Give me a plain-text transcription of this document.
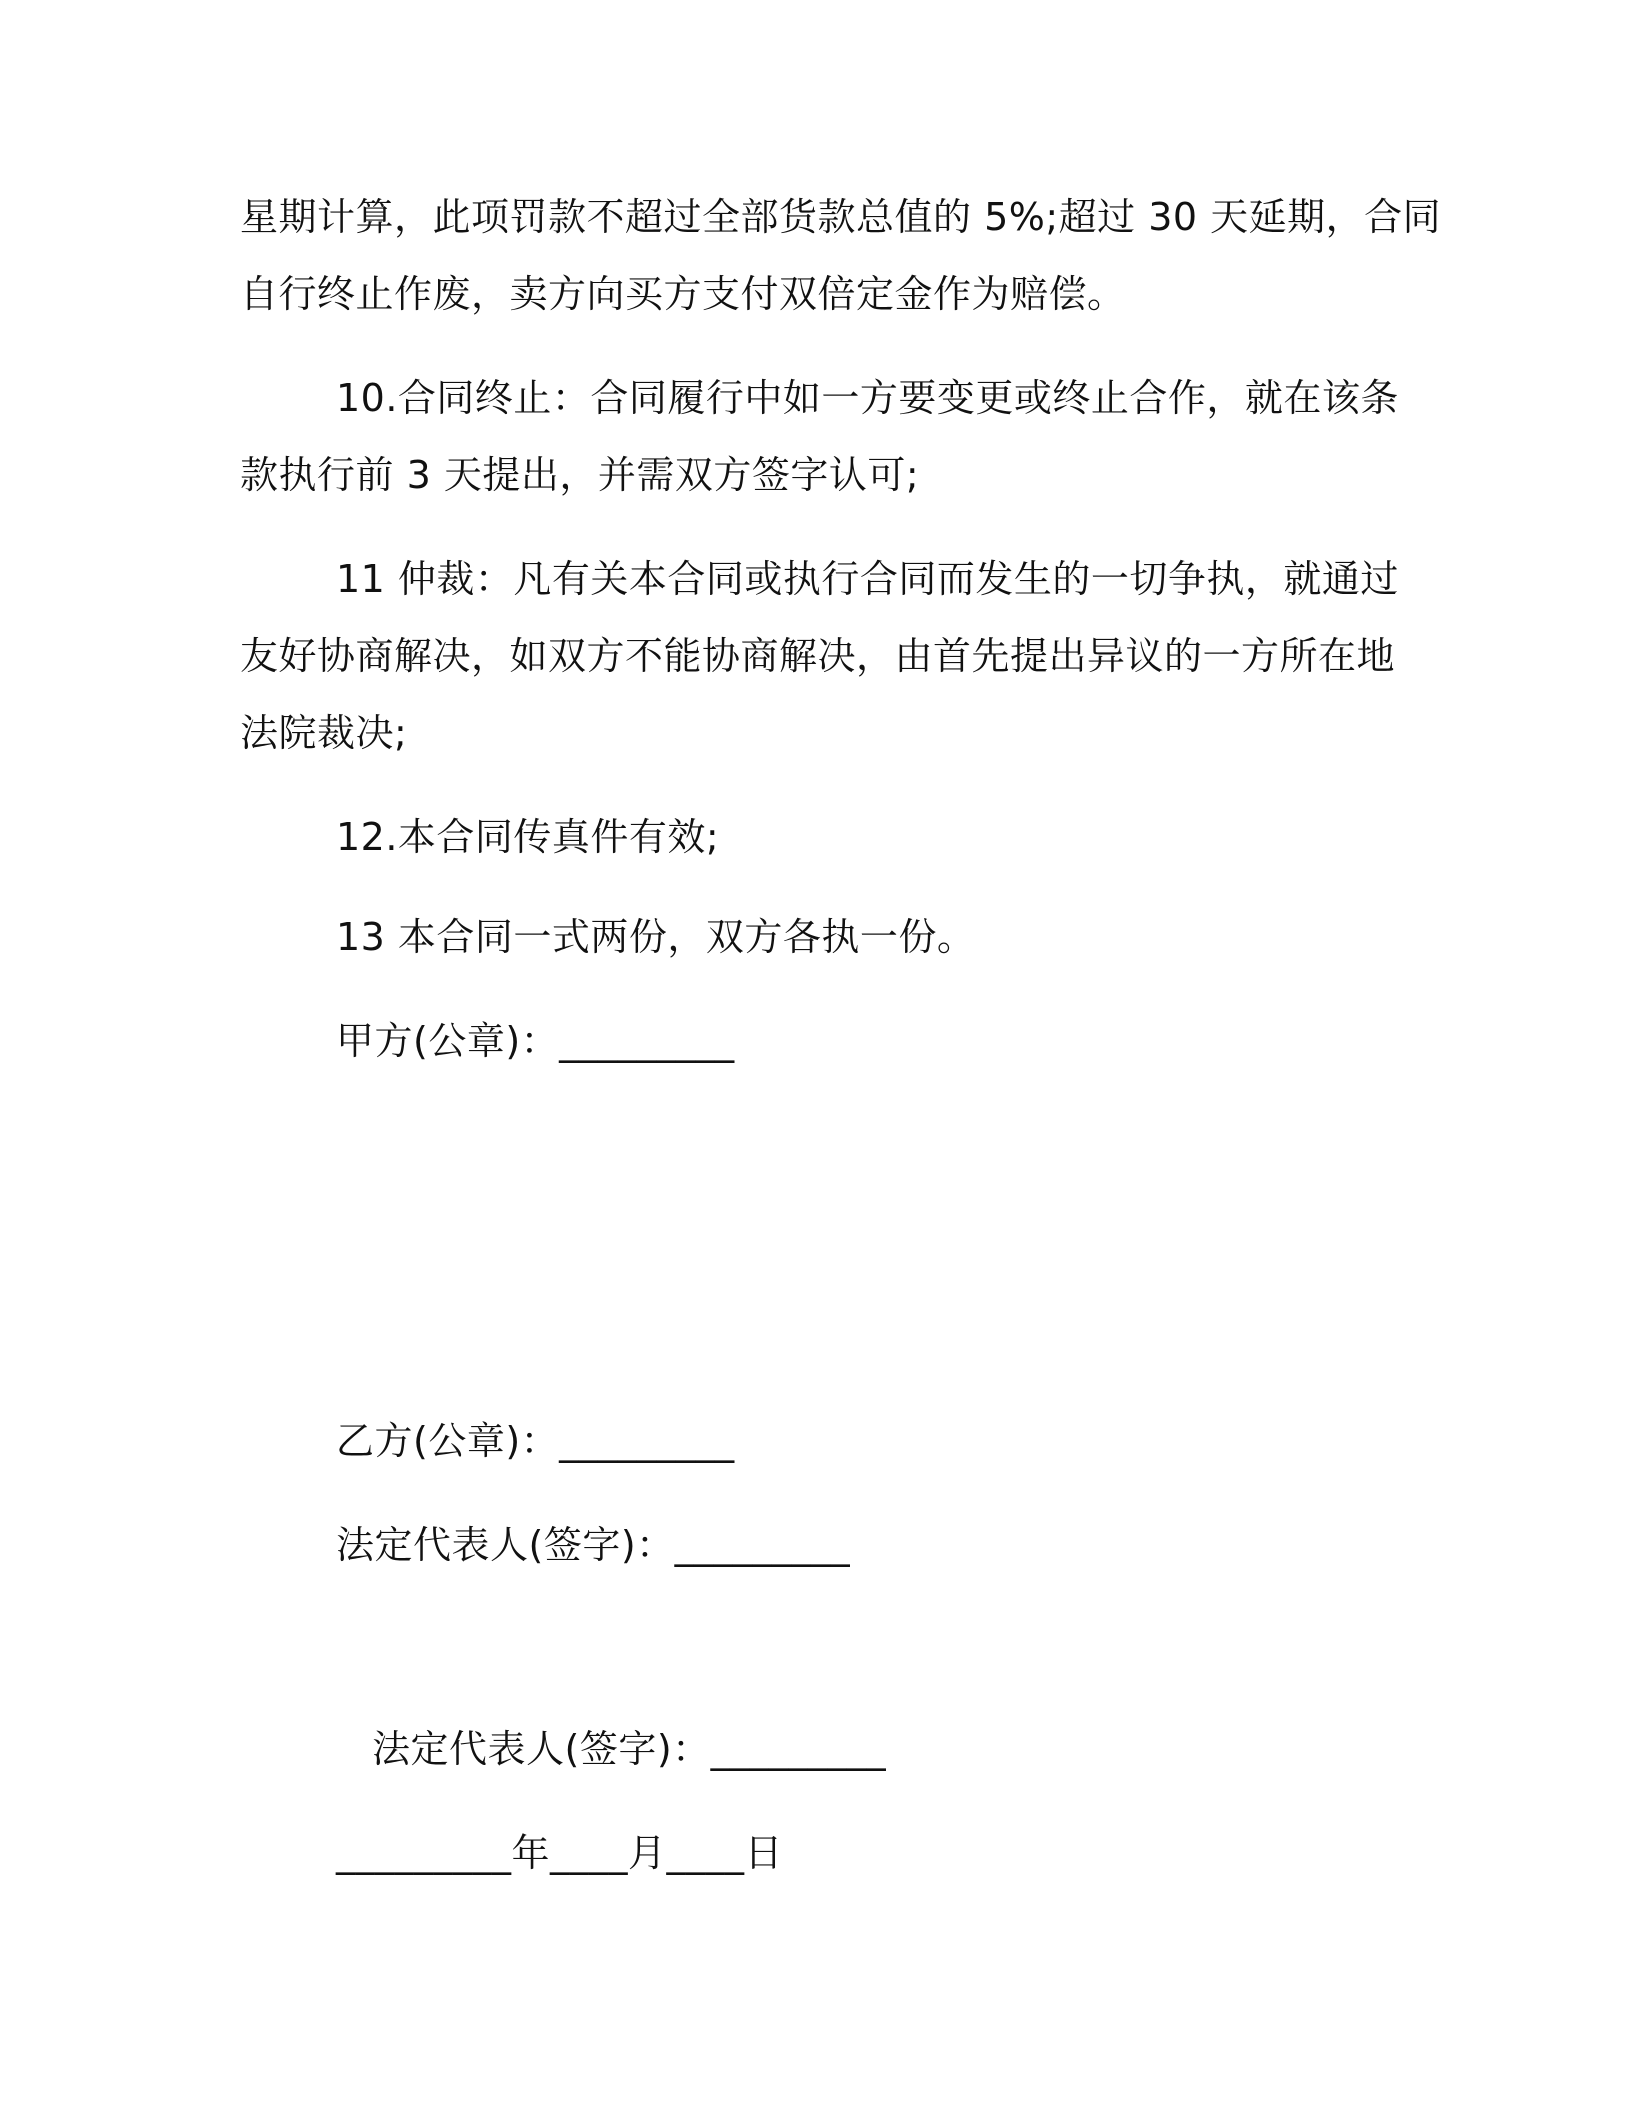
星期计算，此项罚款不超过全部货款总值的 5%;超过 30 天延期，合同
自行终止作废，卖方向买方支付双倍定金作为赔偿。
10.合同终止：合同履行中如一方要变更或终止合作，就在该条
款执行前 3 天提出，并需双方签字认可;
11 仲裁：凡有关本合同或执行合同而发生的一切争执，就通过
友好协商解决，如双方不能协商解决，由首先提出异议的一方所在地
法院裁决;
12.本合同传真件有效;
13 本合同一式两份，双方各执一份。
甲方(公章)：_________
乙方(公章)：_________
法定代表人(签字)：_________
法定代表人(签字)：_________
_________年____月____日
